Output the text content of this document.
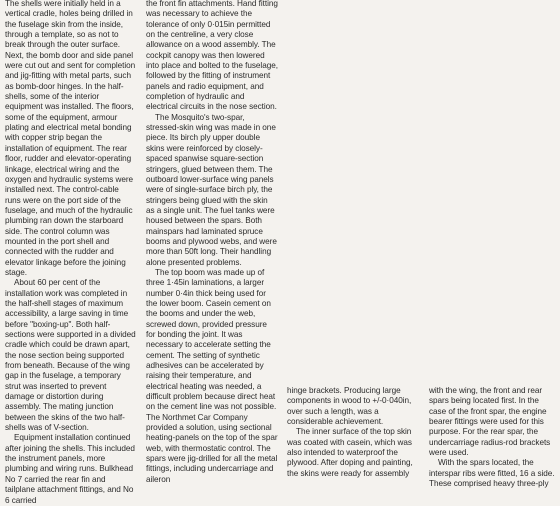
The shells were initially held in a vertical cradle, holes being drilled in the fuselage skin from the inside, through a template, so as not to break through the outer surface. Next, the bomb door and side panel were cut out and sent for completion and jig-fitting with metal parts, such as bomb-door hinges. In the half-shells, some of the interior equipment was installed. The floors, some of the equipment, armour plating and electrical metal bonding with copper strip began the installation of equipment. The rear floor, rudder and elevator-operating linkage, electrical wiring and the oxygen and hydraulic systems were installed next. The control-cable runs were on the port side of the fuselage, and much of the hydraulic plumbing ran down the starboard side. The control column was mounted in the port shell and connected with the rudder and elevator linkage before the joining stage.

About 60 per cent of the installation work was completed in the half-shell stages of maximum accessibility, a large saving in time before "boxing-up". Both half-sections were supported in a divided cradle which could be drawn apart, the nose section being supported from beneath. Because of the wing gap in the fuselage, a temporary strut was inserted to prevent damage or distortion during assembly. The mating junction between the skins of the two half-shells was of V-section.

Equipment installation continued after joining the shells. This included the instrument panels, more plumbing and wiring runs. Bulkhead No 7 carried the rear fin and tailplane attachment fittings, and No 6 carried

the front fin attachments. Hand fitting was necessary to achieve the tolerance of only 0·015in permitted on the centreline, a very close allowance on a wood assembly. The cockpit canopy was then lowered into place and bolted to the fuselage, followed by the fitting of instrument panels and radio equipment, and completion of hydraulic and electrical circuits in the nose section.

The Mosquito's two-spar, stressed-skin wing was made in one piece. Its birch ply upper double skins were reinforced by closely-spaced spanwise square-section stringers, glued between them. The outboard lower-surface wing panels were of single-surface birch ply, the stringers being glued with the skin as a single unit. The fuel tanks were housed between the spars. Both mainspars had laminated spruce booms and plywood webs, and were more than 50ft long. Their handling alone presented problems.

The top boom was made up of three 1·45in laminations, a larger number 0·4in thick being used for the lower boom. Casein cement on the booms and under the web, screwed down, provided pressure for bonding the joint. It was necessary to accelerate setting the cement. The setting of synthetic adhesives can be accelerated by raising their temperature, and electrical heating was needed, a difficult problem because direct heat on the cement line was not possible. The Northmet Car Company provided a solution, using sectional heating-panels on the top of the spar web, with thermostatic control. The spars were jig-drilled for all the metal fittings, including undercarriage and aileron

hinge brackets. Producing large components in wood to +/-0·040in, over such a length, was a considerable achievement.

The inner surface of the top skin was coated with casein, which was also intended to waterproof the plywood. After doping and painting, the skins were ready for assembly

with the wing, the front and rear spars being located first. In the case of the front spar, the engine bearer fittings were used for this purpose. For the rear spar, the undercarriage radius-rod brackets were used.

With the spars located, the interspar ribs were fitted, 16 a side. These comprised heavy three-ply
